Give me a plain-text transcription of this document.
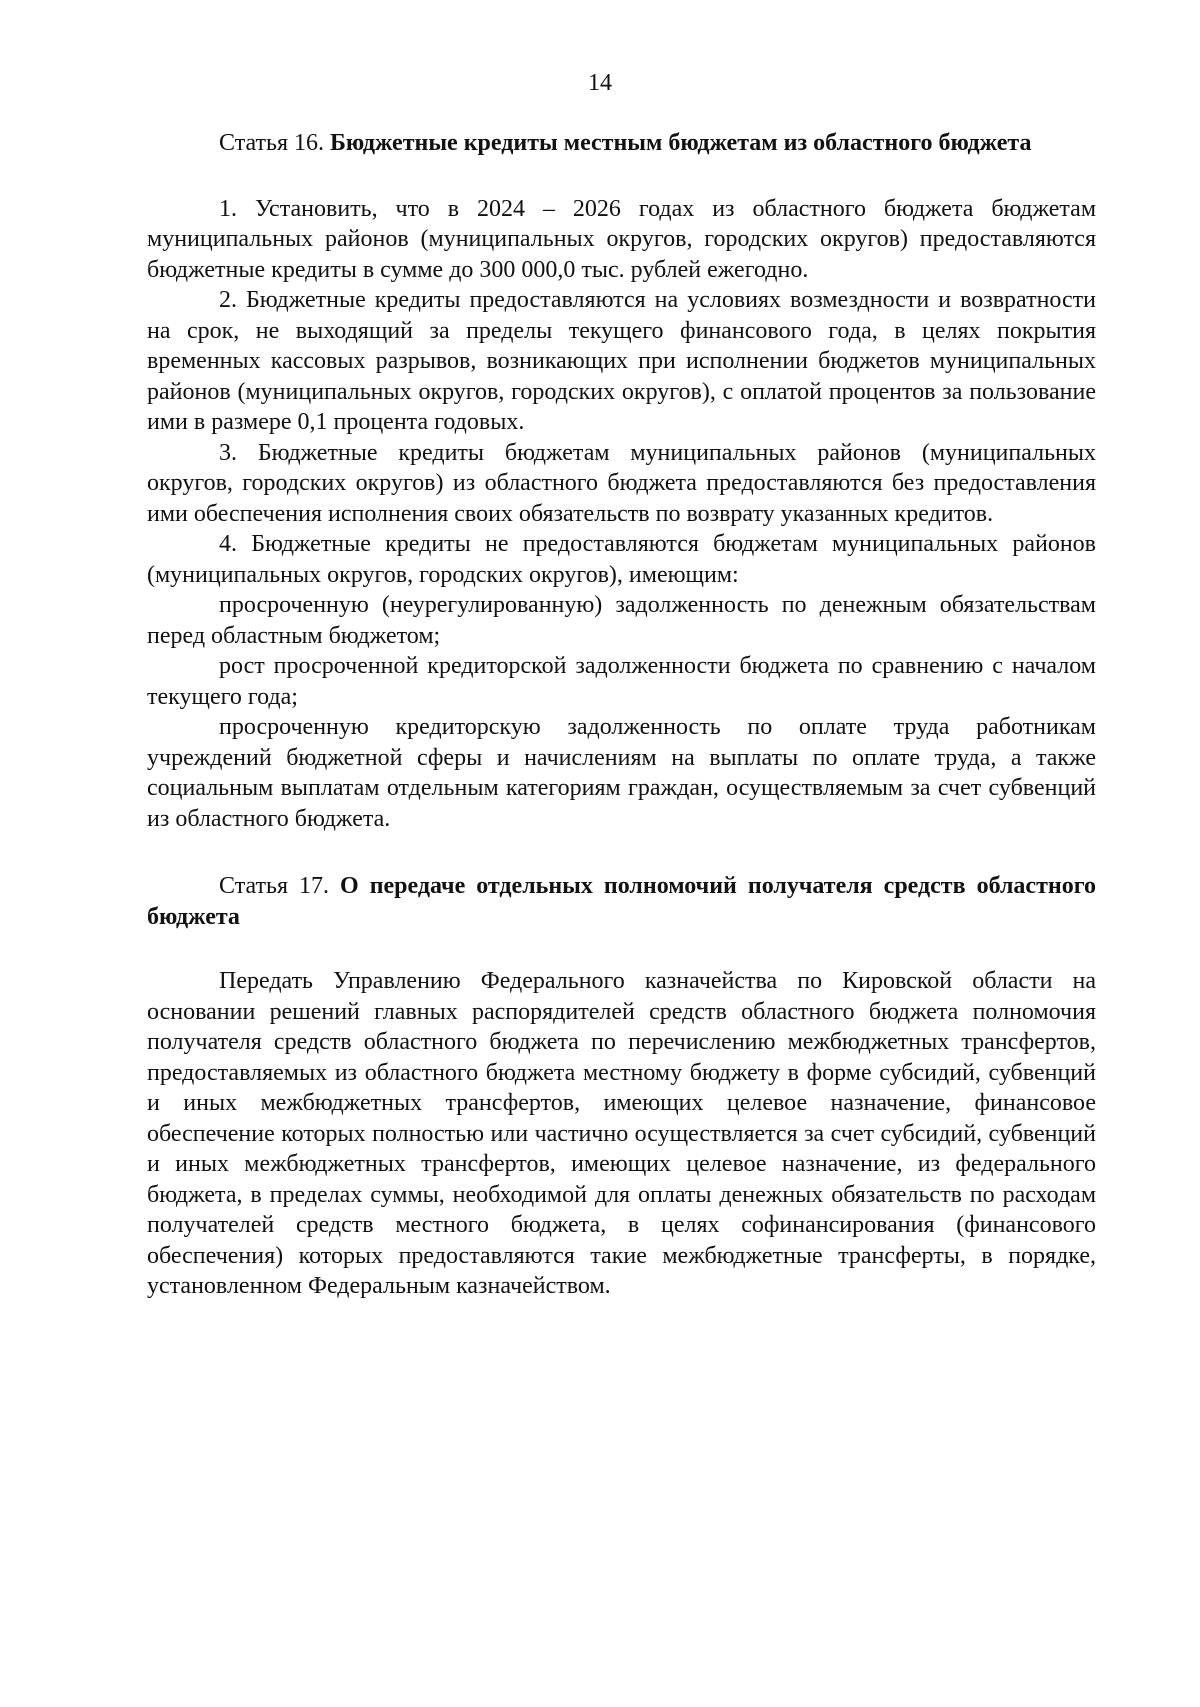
14
Статья 16. Бюджетные кредиты местным бюджетам из областного бюджета

1. Установить, что в 2024 – 2026 годах из областного бюджета бюджетам муниципальных районов (муниципальных округов, городских округов) предоставляются бюджетные кредиты в сумме до 300 000,0 тыс. рублей ежегодно.

2. Бюджетные кредиты предоставляются на условиях возмездности и возвратности на срок, не выходящий за пределы текущего финансового года, в целях покрытия временных кассовых разрывов, возникающих при исполнении бюджетов муниципальных районов (муниципальных округов, городских округов), с оплатой процентов за пользование ими в размере 0,1 процента годовых.

3. Бюджетные кредиты бюджетам муниципальных районов (муниципальных округов, городских округов) из областного бюджета предоставляются без предоставления ими обеспечения исполнения своих обязательств по возврату указанных кредитов.

4. Бюджетные кредиты не предоставляются бюджетам муниципальных районов (муниципальных округов, городских округов), имеющим:

просроченную (неурегулированную) задолженность по денежным обязательствам перед областным бюджетом;

рост просроченной кредиторской задолженности бюджета по сравнению с началом текущего года;

просроченную кредиторскую задолженность по оплате труда работникам учреждений бюджетной сферы и начислениям на выплаты по оплате труда, а также социальным выплатам отдельным категориям граждан, осуществляемым за счет субвенций из областного бюджета.

Статья 17. О передаче отдельных полномочий получателя средств областного бюджета

Передать Управлению Федерального казначейства по Кировской области на основании решений главных распорядителей средств областного бюджета полномочия получателя средств областного бюджета по перечислению межбюджетных трансфертов, предоставляемых из областного бюджета местному бюджету в форме субсидий, субвенций и иных межбюджетных трансфертов, имеющих целевое назначение, финансовое обеспечение которых полностью или частично осуществляется за счет субсидий, субвенций и иных межбюджетных трансфертов, имеющих целевое назначение, из федерального бюджета, в пределах суммы, необходимой для оплаты денежных обязательств по расходам получателей средств местного бюджета, в целях софинансирования (финансового обеспечения) которых предоставляются такие межбюджетные трансферты, в порядке, установленном Федеральным казначейством.
